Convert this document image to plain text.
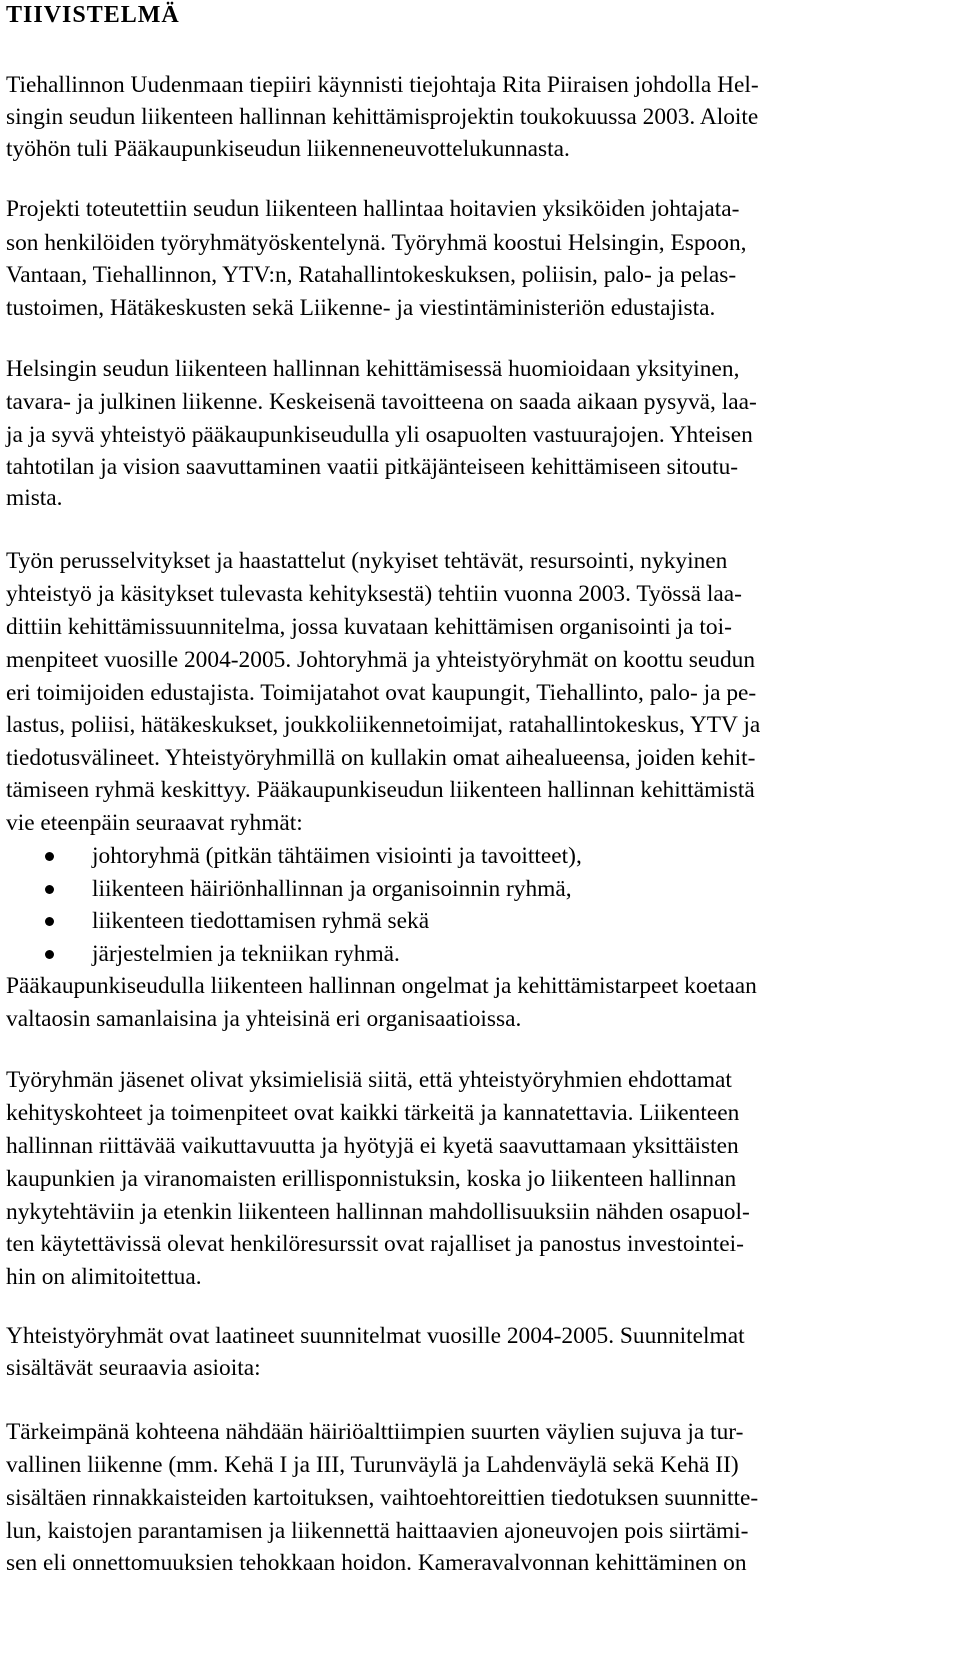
TIIVISTELMÄ
Tiehallinnon Uudenmaan tiepiiri käynnisti tiejohtaja Rita Piiraisen johdolla Hel-
singin seudun liikenteen hallinnan kehittämisprojektin toukokuussa 2003. Aloite
työhön tuli Pääkaupunkiseudun liikenneneuvottelukunnasta.
Projekti toteutettiin seudun liikenteen hallintaa hoitavien yksiköiden johtajata-
son henkilöiden työryhmätyöskentelynä. Työryhmä koostui Helsingin, Espoon,
Vantaan, Tiehallinnon, YTV:n, Ratahallintokeskuksen, poliisin, palo- ja pelas-
tustoimen, Hätäkeskusten sekä Liikenne- ja viestintäministeriön edustajista.
Helsingin seudun liikenteen hallinnan kehittämisessä huomioidaan yksityinen,
tavara- ja julkinen liikenne. Keskeisenä tavoitteena on saada aikaan pysyvä, laa-
ja ja syvä yhteistyö pääkaupunkiseudulla yli osapuolten vastuurajojen. Yhteisen
tahtotilan ja vision saavuttaminen vaatii pitkäjänteiseen kehittämiseen sitoutu-
mista.
Työn perusselvitykset ja haastattelut (nykyiset tehtävät, resursointi, nykyinen
yhteistyö ja käsitykset tulevasta kehityksestä) tehtiin vuonna 2003. Työssä laa-
dittiin kehittämissuunnitelma, jossa kuvataan kehittämisen organisointi ja toi-
menpiteet vuosille 2004-2005. Johtoryhmä ja yhteistyöryhmät on koottu seudun
eri toimijoiden edustajista. Toimijatahot ovat kaupungit, Tiehallinto, palo- ja pe-
lastus, poliisi, hätäkeskukset, joukkoliikennetoimijat, ratahallintokeskus, YTV ja
tiedotusvälineet. Yhteistyöryhmillä on kullakin omat aihealueensa, joiden kehit-
tämiseen ryhmä keskittyy. Pääkaupunkiseudun liikenteen hallinnan kehittämistä
vie eteenpäin seuraavat ryhmät:
johtoryhmä (pitkän tähtäimen visiointi ja tavoitteet),
liikenteen häiriönhallinnan ja organisoinnin ryhmä,
liikenteen tiedottamisen ryhmä sekä
järjestelmien ja tekniikan ryhmä.
Pääkaupunkiseudulla liikenteen hallinnan ongelmat ja kehittämistarpeet koetaan
valtaosin samanlaisina ja yhteisinä eri organisaatioissa.
Työryhmän jäsenet olivat yksimielisiä siitä, että yhteistyöryhmien ehdottamat
kehityskohteet ja toimenpiteet ovat kaikki tärkeitä ja kannatettavia. Liikenteen
hallinnan riittävää vaikuttavuutta ja hyötyjä ei kyetä saavuttamaan yksittäisten
kaupunkien ja viranomaisten erillisponnistuksin, koska jo liikenteen hallinnan
nykytehtäviin ja etenkin liikenteen hallinnan mahdollisuuksiin nähden osapuol-
ten käytettävissä olevat henkilöresurssit ovat rajalliset ja panostus investointei-
hin on alimitoitettua.
Yhteistyöryhmät ovat laatineet suunnitelmat vuosille 2004-2005. Suunnitelmat
sisältävät seuraavia asioita:
Tärkeimpänä kohteena nähdään häiriöalttiimpien suurten väylien sujuva ja tur-
vallinen liikenne (mm. Kehä I ja III, Turunväylä ja Lahdenväylä sekä Kehä II)
sisältäen rinnakkaisteiden kartoituksen, vaihtoehtoreittien tiedotuksen suunnitte-
lun, kaistojen parantamisen ja liikennettä haittaavien ajoneuvojen pois siirtämi-
sen eli onnettomuuksien tehokkaan hoidon. Kameravalvonnan kehittäminen on
